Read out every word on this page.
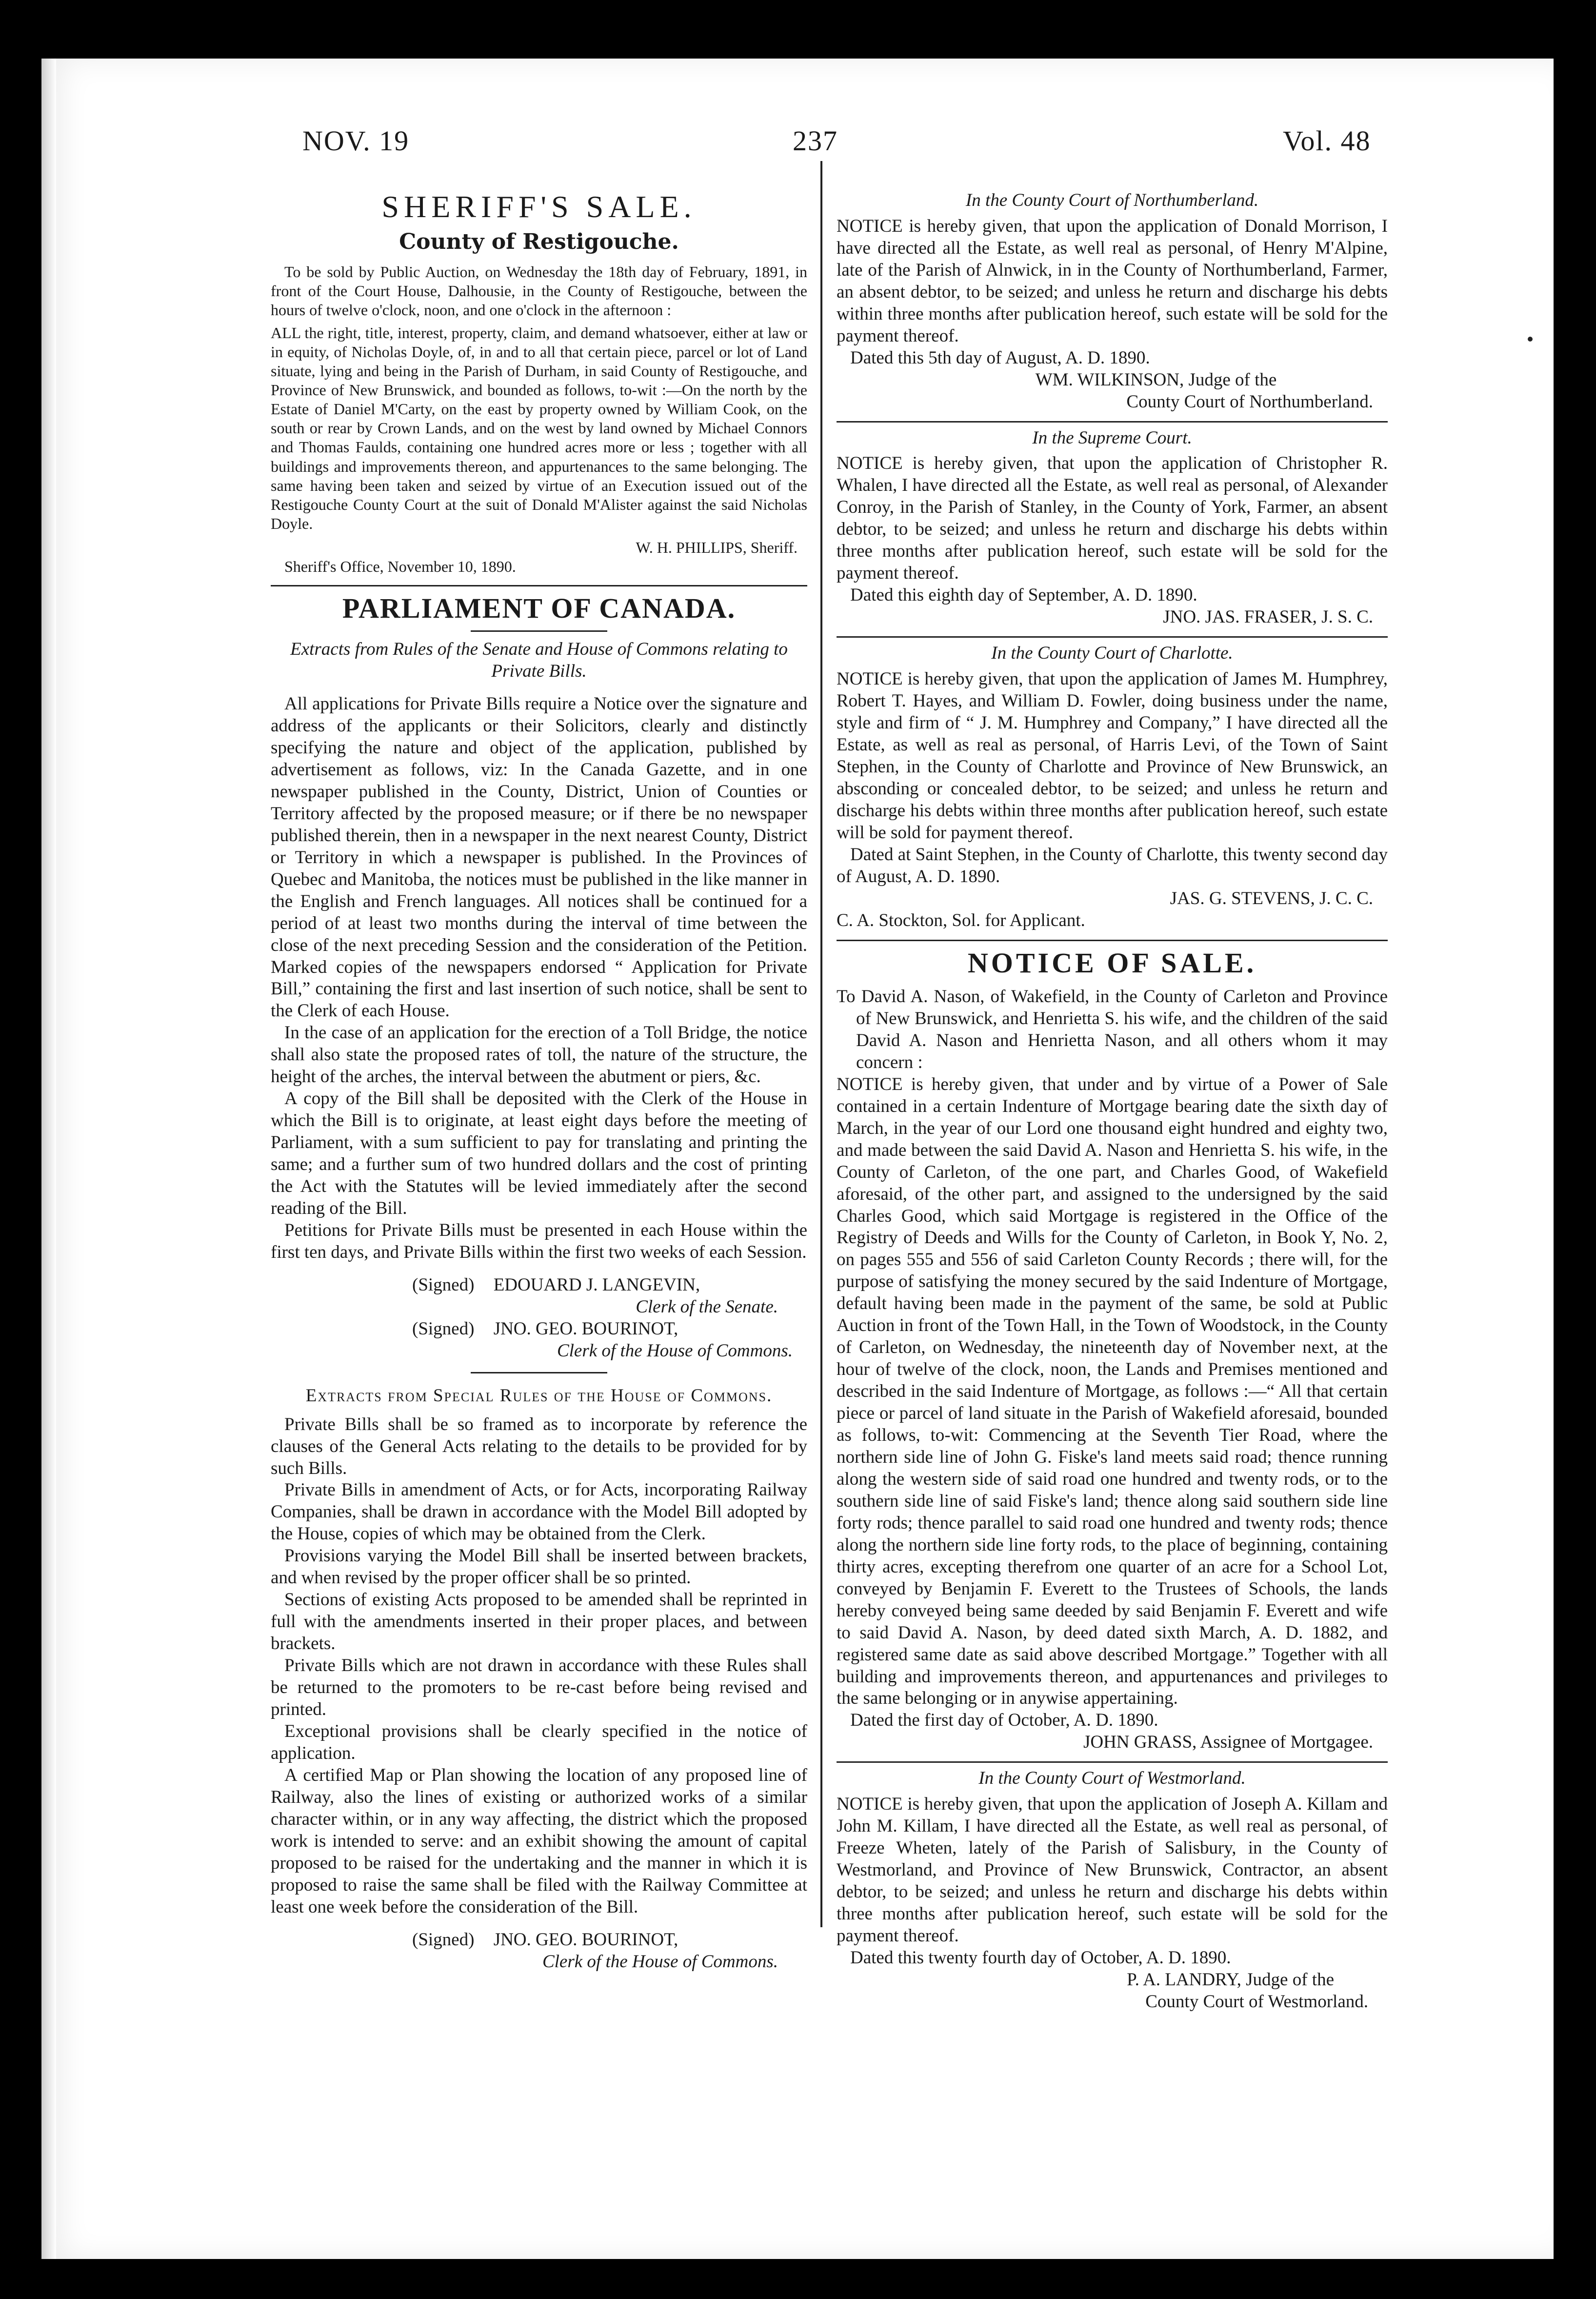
NOV. 19	237	Vol. 48
SHERIFF'S SALE.
County of Restigouche.

To be sold by Public Auction, on Wednesday the 18th day of February, 1891, in front of the Court House, Dalhousie, in the County of Restigouche, between the hours of twelve o'clock, noon, and one o'clock in the afternoon :

ALL the right, title, interest, property, claim, and demand whatsoever, either at law or in equity, of Nicholas Doyle, of, in and to all that certain piece, parcel or lot of Land situate, lying and being in the Parish of Durham, in said County of Restigouche, and Province of New Brunswick, and bounded as follows, to-wit :—On the north by the Estate of Daniel M'Carty, on the east by property owned by William Cook, on the south or rear by Crown Lands, and on the west by land owned by Michael Connors and Thomas Faulds, containing one hundred acres more or less ; together with all buildings and improvements thereon, and appurtenances to the same belonging. The same having been taken and seized by virtue of an Execution issued out of the Restigouche County Court at the suit of Donald M'Alister against the said Nicholas Doyle.

W. H. PHILLIPS, Sheriff.

Sheriff's Office, November 10, 1890.

PARLIAMENT OF CANADA.
Extracts from Rules of the Senate and House of Commons relating to Private Bills.

All applications for Private Bills require a Notice over the signature and address of the applicants or their Solicitors, clearly and distinctly specifying the nature and object of the application, published by advertisement as follows, viz: In the Canada Gazette, and in one newspaper published in the County, District, Union of Counties or Territory affected by the proposed measure; or if there be no newspaper published therein, then in a newspaper in the next nearest County, District or Territory in which a newspaper is published. In the Provinces of Quebec and Manitoba, the notices must be published in the like manner in the English and French languages. All notices shall be continued for a period of at least two months during the interval of time between the close of the next preceding Session and the consideration of the Petition. Marked copies of the newspapers endorsed “ Application for Private Bill,” containing the first and last insertion of such notice, shall be sent to the Clerk of each House.

In the case of an application for the erection of a Toll Bridge, the notice shall also state the proposed rates of toll, the nature of the structure, the height of the arches, the interval between the abutment or piers, &c.

A copy of the Bill shall be deposited with the Clerk of the House in which the Bill is to originate, at least eight days before the meeting of Parliament, with a sum sufficient to pay for translating and printing the same; and a further sum of two hundred dollars and the cost of printing the Act with the Statutes will be levied immediately after the second reading of the Bill.

Petitions for Private Bills must be presented in each House within the first ten days, and Private Bills within the first two weeks of each Session.

(Signed) EDOUARD J. LANGEVIN,

Clerk of the Senate.

(Signed) JNO. GEO. BOURINOT,

Clerk of the House of Commons.

Extracts from Special Rules of the House of Commons.

Private Bills shall be so framed as to incorporate by reference the clauses of the General Acts relating to the details to be provided for by such Bills.

Private Bills in amendment of Acts, or for Acts, incorporating Railway Companies, shall be drawn in accordance with the Model Bill adopted by the House, copies of which may be obtained from the Clerk.

Provisions varying the Model Bill shall be inserted between brackets, and when revised by the proper officer shall be so printed.

Sections of existing Acts proposed to be amended shall be reprinted in full with the amendments inserted in their proper places, and between brackets.

Private Bills which are not drawn in accordance with these Rules shall be returned to the promoters to be re-cast before being revised and printed.

Exceptional provisions shall be clearly specified in the notice of application.

A certified Map or Plan showing the location of any proposed line of Railway, also the lines of existing or authorized works of a similar character within, or in any way affecting, the district which the proposed work is intended to serve: and an exhibit showing the amount of capital proposed to be raised for the undertaking and the manner in which it is proposed to raise the same shall be filed with the Railway Committee at least one week before the consideration of the Bill.

(Signed) JNO. GEO. BOURINOT,

Clerk of the House of Commons.

In the County Court of Northumberland.

NOTICE is hereby given, that upon the application of Donald Morrison, I have directed all the Estate, as well real as personal, of Henry M'Alpine, late of the Parish of Alnwick, in in the County of Northumberland, Farmer, an absent debtor, to be seized; and unless he return and discharge his debts within three months after publication hereof, such estate will be sold for the payment thereof.

Dated this 5th day of August, A. D. 1890.

WM. WILKINSON, Judge of the

County Court of Northumberland.

In the Supreme Court.

NOTICE is hereby given, that upon the application of Christopher R. Whalen, I have directed all the Estate, as well real as personal, of Alexander Conroy, in the Parish of Stanley, in the County of York, Farmer, an absent debtor, to be seized; and unless he return and discharge his debts within three months after publication hereof, such estate will be sold for the payment thereof.

Dated this eighth day of September, A. D. 1890.

JNO. JAS. FRASER, J. S. C.

In the County Court of Charlotte.

NOTICE is hereby given, that upon the application of James M. Humphrey, Robert T. Hayes, and William D. Fowler, doing business under the name, style and firm of “ J. M. Humphrey and Company,” I have directed all the Estate, as well as real as personal, of Harris Levi, of the Town of Saint Stephen, in the County of Charlotte and Province of New Brunswick, an absconding or concealed debtor, to be seized; and unless he return and discharge his debts within three months after publication hereof, such estate will be sold for payment thereof.

Dated at Saint Stephen, in the County of Charlotte, this twenty second day of August, A. D. 1890.

JAS. G. STEVENS, J. C. C.

C. A. Stockton, Sol. for Applicant.

NOTICE OF SALE.

To David A. Nason, of Wakefield, in the County of Carleton and Province of New Brunswick, and Henrietta S. his wife, and the children of the said David A. Nason and Henrietta Nason, and all others whom it may concern :

NOTICE is hereby given, that under and by virtue of a Power of Sale contained in a certain Indenture of Mortgage bearing date the sixth day of March, in the year of our Lord one thousand eight hundred and eighty two, and made between the said David A. Nason and Henrietta S. his wife, in the County of Carleton, of the one part, and Charles Good, of Wakefield aforesaid, of the other part, and assigned to the undersigned by the said Charles Good, which said Mortgage is registered in the Office of the Registry of Deeds and Wills for the County of Carleton, in Book Y, No. 2, on pages 555 and 556 of said Carleton County Records ; there will, for the purpose of satisfying the money secured by the said Indenture of Mortgage, default having been made in the payment of the same, be sold at Public Auction in front of the Town Hall, in the Town of Woodstock, in the County of Carleton, on Wednesday, the nineteenth day of November next, at the hour of twelve of the clock, noon, the Lands and Premises mentioned and described in the said Indenture of Mortgage, as follows :—“ All that certain piece or parcel of land situate in the Parish of Wakefield aforesaid, bounded as follows, to-wit: Commencing at the Seventh Tier Road, where the northern side line of John G. Fiske's land meets said road; thence running along the western side of said road one hundred and twenty rods, or to the southern side line of said Fiske's land; thence along said southern side line forty rods; thence parallel to said road one hundred and twenty rods; thence along the northern side line forty rods, to the place of beginning, containing thirty acres, excepting therefrom one quarter of an acre for a School Lot, conveyed by Benjamin F. Everett to the Trustees of Schools, the lands hereby conveyed being same deeded by said Benjamin F. Everett and wife to said David A. Nason, by deed dated sixth March, A. D. 1882, and registered same date as said above described Mortgage.” Together with all building and improvements thereon, and appurtenances and privileges to the same belonging or in anywise appertaining.

Dated the first day of October, A. D. 1890.

JOHN GRASS, Assignee of Mortgagee.

In the County Court of Westmorland.

NOTICE is hereby given, that upon the application of Joseph A. Killam and John M. Killam, I have directed all the Estate, as well real as personal, of Freeze Wheten, lately of the Parish of Salisbury, in the County of Westmorland, and Province of New Brunswick, Contractor, an absent debtor, to be seized; and unless he return and discharge his debts within three months after publication hereof, such estate will be sold for the payment thereof.

Dated this twenty fourth day of October, A. D. 1890.

P. A. LANDRY, Judge of the

County Court of Westmorland.
